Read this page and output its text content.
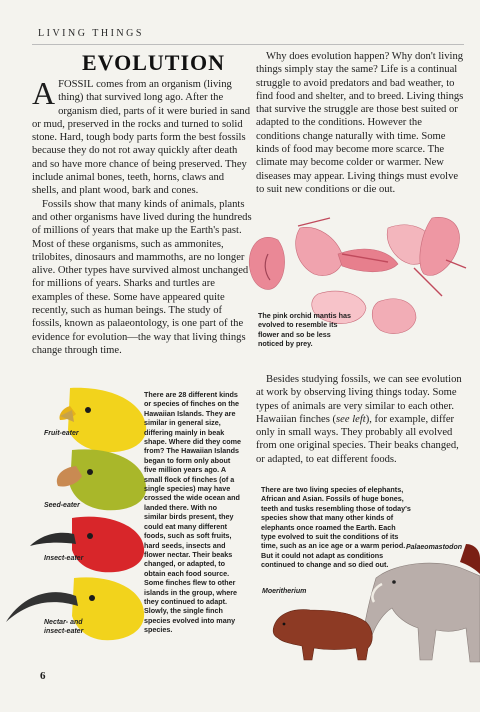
LIVING THINGS
EVOLUTION

AFOSSIL comes from an organism (living thing) that survived long ago. After the organism died, parts of it were buried in sand or mud, preserved in the rocks and turned to solid stone. Hard, tough body parts form the best fossils because they do not rot away quickly after death and so have more chance of being preserved. They include animal bones, teeth, horns, claws and shells, and plant wood, bark and cones.

Fossils show that many kinds of animals, plants and other organisms have lived during the hundreds of millions of years that make up the Earth's past. Most of these organisms, such as ammonites, trilobites, dinosaurs and mammoths, are no longer alive. Other types have survived almost unchanged for millions of years. Sharks and turtles are examples of these. Some have appeared quite recently, such as human beings. The study of fossils, known as palaeontology, is one part of the evidence for evolution—the way that living things change through time.

Why does evolution happen? Why don't living things simply stay the same? Life is a continual struggle to avoid predators and bad weather, to find food and shelter, and to breed. Living things that survive the struggle are those best suited or adapted to the conditions. However the conditions change naturally with time. Some kinds of food may become more scarce. The climate may become colder or warmer. New diseases may appear. Living things must evolve to suit new conditions or die out.

The pink orchid mantis has evolved to resemble its flower and so be less noticed by prey.

Besides studying fossils, we can see evolution at work by observing living things today. Some types of animals are very similar to each other. Hawaiian finches (see left), for example, differ only in small ways. They probably all evolved from one original species. Their beaks changed, or adapted, to eat different foods.

Fruit-eater
Seed-eater
Insect-eater
Nectar- and insect-eater
There are 28 different kinds or species of finches on the Hawaiian Islands. They are similar in general size, differing mainly in beak shape. Where did they come from? The Hawaiian Islands began to form only about five million years ago. A small flock of finches (of a single species) may have crossed the wide ocean and landed there. With no similar birds present, they could eat many different foods, such as soft fruits, hard seeds, insects and flower nectar. Their beaks changed, or adapted, to obtain each food source. Some finches flew to other islands in the group, where they continued to adapt. Slowly, the single finch species evolved into many species.
There are two living species of elephants, African and Asian. Fossils of huge bones, teeth and tusks resembling those of today's species show that many other kinds of elephants once roamed the Earth. Each type evolved to suit the conditions of its time, such as an ice age or a warm period. But it could not adapt as conditions continued to change and so died out.
Palaeomastodon
Moeritherium
6
